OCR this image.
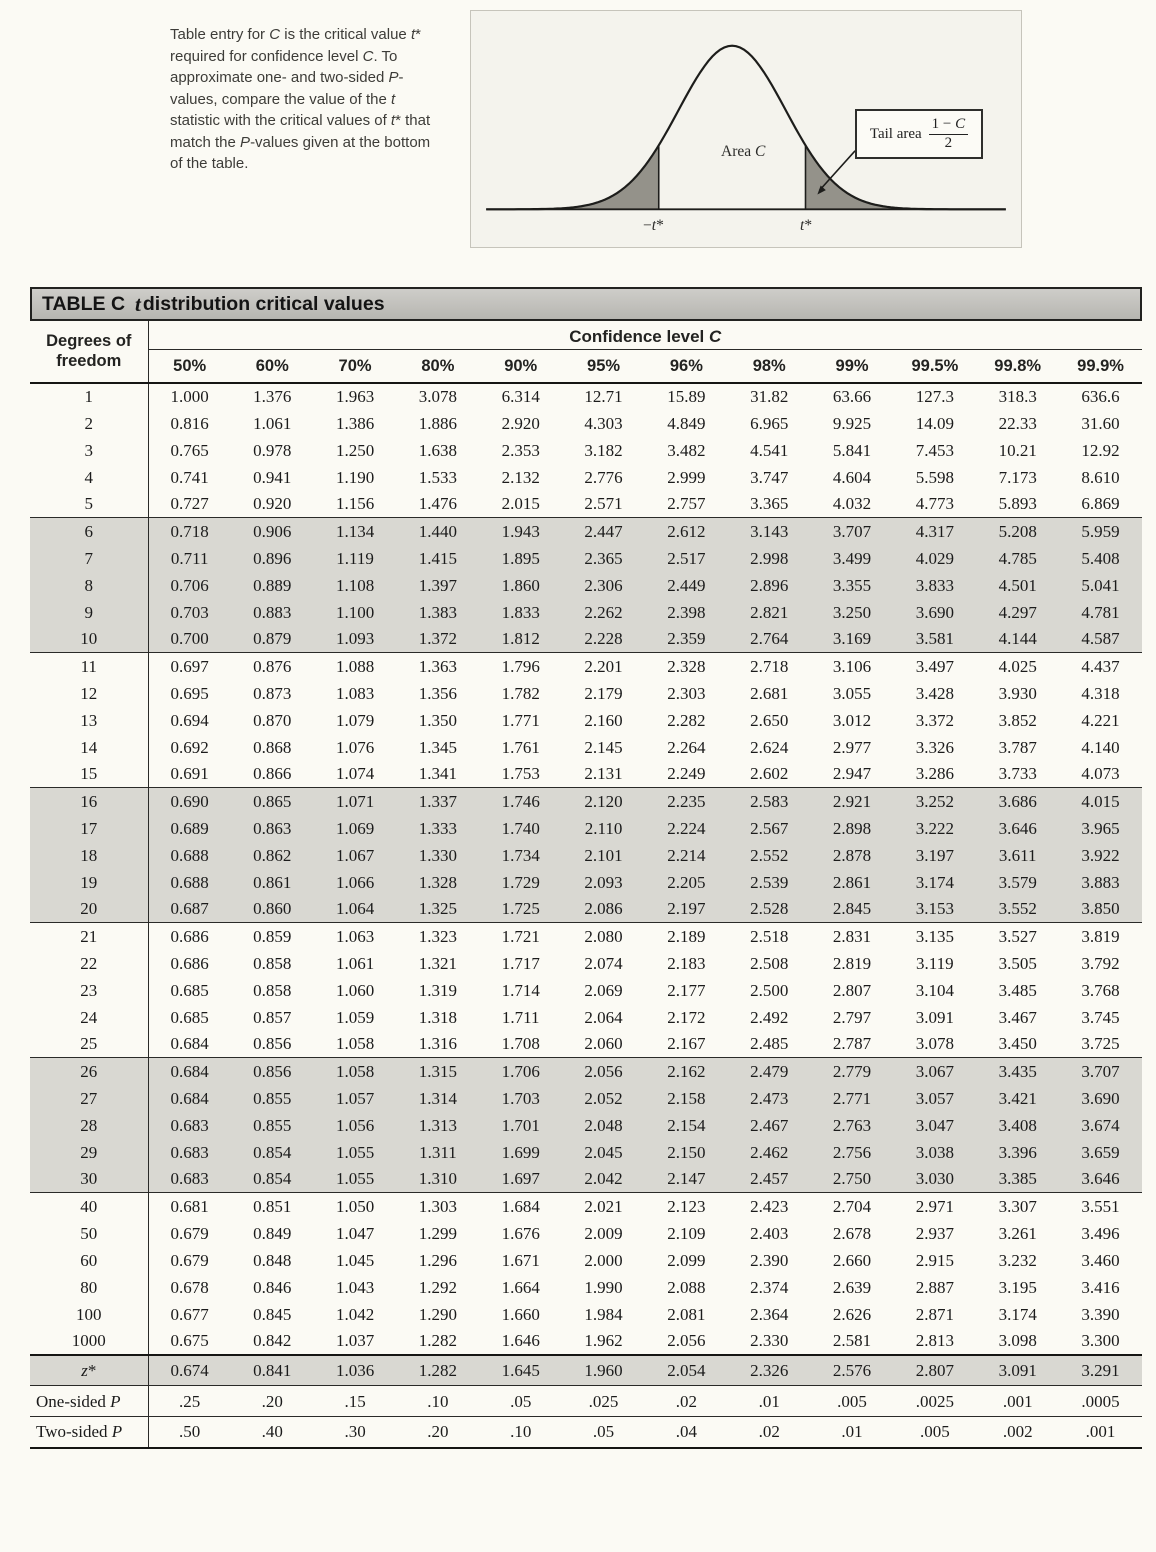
Table entry for C is the critical value t* required for confidence level C. To approximate one- and two-sided P-values, compare the value of the t statistic with the critical values of t* that match the P-values given at the bottom of the table.
Area C
Tail area $\frac{1 - C}{2}$
−t*	t*
TABLE C t distribution critical values
Degrees of freedom	Confidence level C											
	50%	60%	70%	80%	90%	95%	96%	98%	99%	99.5%	99.8%	99.9%
1	1.000	1.376	1.963	3.078	6.314	12.71	15.89	31.82	63.66	127.3	318.3	636.6
2	0.816	1.061	1.386	1.886	2.920	4.303	4.849	6.965	9.925	14.09	22.33	31.60
3	0.765	0.978	1.250	1.638	2.353	3.182	3.482	4.541	5.841	7.453	10.21	12.92
4	0.741	0.941	1.190	1.533	2.132	2.776	2.999	3.747	4.604	5.598	7.173	8.610
5	0.727	0.920	1.156	1.476	2.015	2.571	2.757	3.365	4.032	4.773	5.893	6.869
6	0.718	0.906	1.134	1.440	1.943	2.447	2.612	3.143	3.707	4.317	5.208	5.959
7	0.711	0.896	1.119	1.415	1.895	2.365	2.517	2.998	3.499	4.029	4.785	5.408
8	0.706	0.889	1.108	1.397	1.860	2.306	2.449	2.896	3.355	3.833	4.501	5.041
9	0.703	0.883	1.100	1.383	1.833	2.262	2.398	2.821	3.250	3.690	4.297	4.781
10	0.700	0.879	1.093	1.372	1.812	2.228	2.359	2.764	3.169	3.581	4.144	4.587
11	0.697	0.876	1.088	1.363	1.796	2.201	2.328	2.718	3.106	3.497	4.025	4.437
12	0.695	0.873	1.083	1.356	1.782	2.179	2.303	2.681	3.055	3.428	3.930	4.318
13	0.694	0.870	1.079	1.350	1.771	2.160	2.282	2.650	3.012	3.372	3.852	4.221
14	0.692	0.868	1.076	1.345	1.761	2.145	2.264	2.624	2.977	3.326	3.787	4.140
15	0.691	0.866	1.074	1.341	1.753	2.131	2.249	2.602	2.947	3.286	3.733	4.073
16	0.690	0.865	1.071	1.337	1.746	2.120	2.235	2.583	2.921	3.252	3.686	4.015
17	0.689	0.863	1.069	1.333	1.740	2.110	2.224	2.567	2.898	3.222	3.646	3.965
18	0.688	0.862	1.067	1.330	1.734	2.101	2.214	2.552	2.878	3.197	3.611	3.922
19	0.688	0.861	1.066	1.328	1.729	2.093	2.205	2.539	2.861	3.174	3.579	3.883
20	0.687	0.860	1.064	1.325	1.725	2.086	2.197	2.528	2.845	3.153	3.552	3.850
21	0.686	0.859	1.063	1.323	1.721	2.080	2.189	2.518	2.831	3.135	3.527	3.819
22	0.686	0.858	1.061	1.321	1.717	2.074	2.183	2.508	2.819	3.119	3.505	3.792
23	0.685	0.858	1.060	1.319	1.714	2.069	2.177	2.500	2.807	3.104	3.485	3.768
24	0.685	0.857	1.059	1.318	1.711	2.064	2.172	2.492	2.797	3.091	3.467	3.745
25	0.684	0.856	1.058	1.316	1.708	2.060	2.167	2.485	2.787	3.078	3.450	3.725
26	0.684	0.856	1.058	1.315	1.706	2.056	2.162	2.479	2.779	3.067	3.435	3.707
27	0.684	0.855	1.057	1.314	1.703	2.052	2.158	2.473	2.771	3.057	3.421	3.690
28	0.683	0.855	1.056	1.313	1.701	2.048	2.154	2.467	2.763	3.047	3.408	3.674
29	0.683	0.854	1.055	1.311	1.699	2.045	2.150	2.462	2.756	3.038	3.396	3.659
30	0.683	0.854	1.055	1.310	1.697	2.042	2.147	2.457	2.750	3.030	3.385	3.646
40	0.681	0.851	1.050	1.303	1.684	2.021	2.123	2.423	2.704	2.971	3.307	3.551
50	0.679	0.849	1.047	1.299	1.676	2.009	2.109	2.403	2.678	2.937	3.261	3.496
60	0.679	0.848	1.045	1.296	1.671	2.000	2.099	2.390	2.660	2.915	3.232	3.460
80	0.678	0.846	1.043	1.292	1.664	1.990	2.088	2.374	2.639	2.887	3.195	3.416
100	0.677	0.845	1.042	1.290	1.660	1.984	2.081	2.364	2.626	2.871	3.174	3.390
1000	0.675	0.842	1.037	1.282	1.646	1.962	2.056	2.330	2.581	2.813	3.098	3.300
z*	0.674	0.841	1.036	1.282	1.645	1.960	2.054	2.326	2.576	2.807	3.091	3.291
One-sided P	.25	.20	.15	.10	.05	.025	.02	.01	.005	.0025	.001	.0005
Two-sided P	.50	.40	.30	.20	.10	.05	.04	.02	.01	.005	.002	.001
